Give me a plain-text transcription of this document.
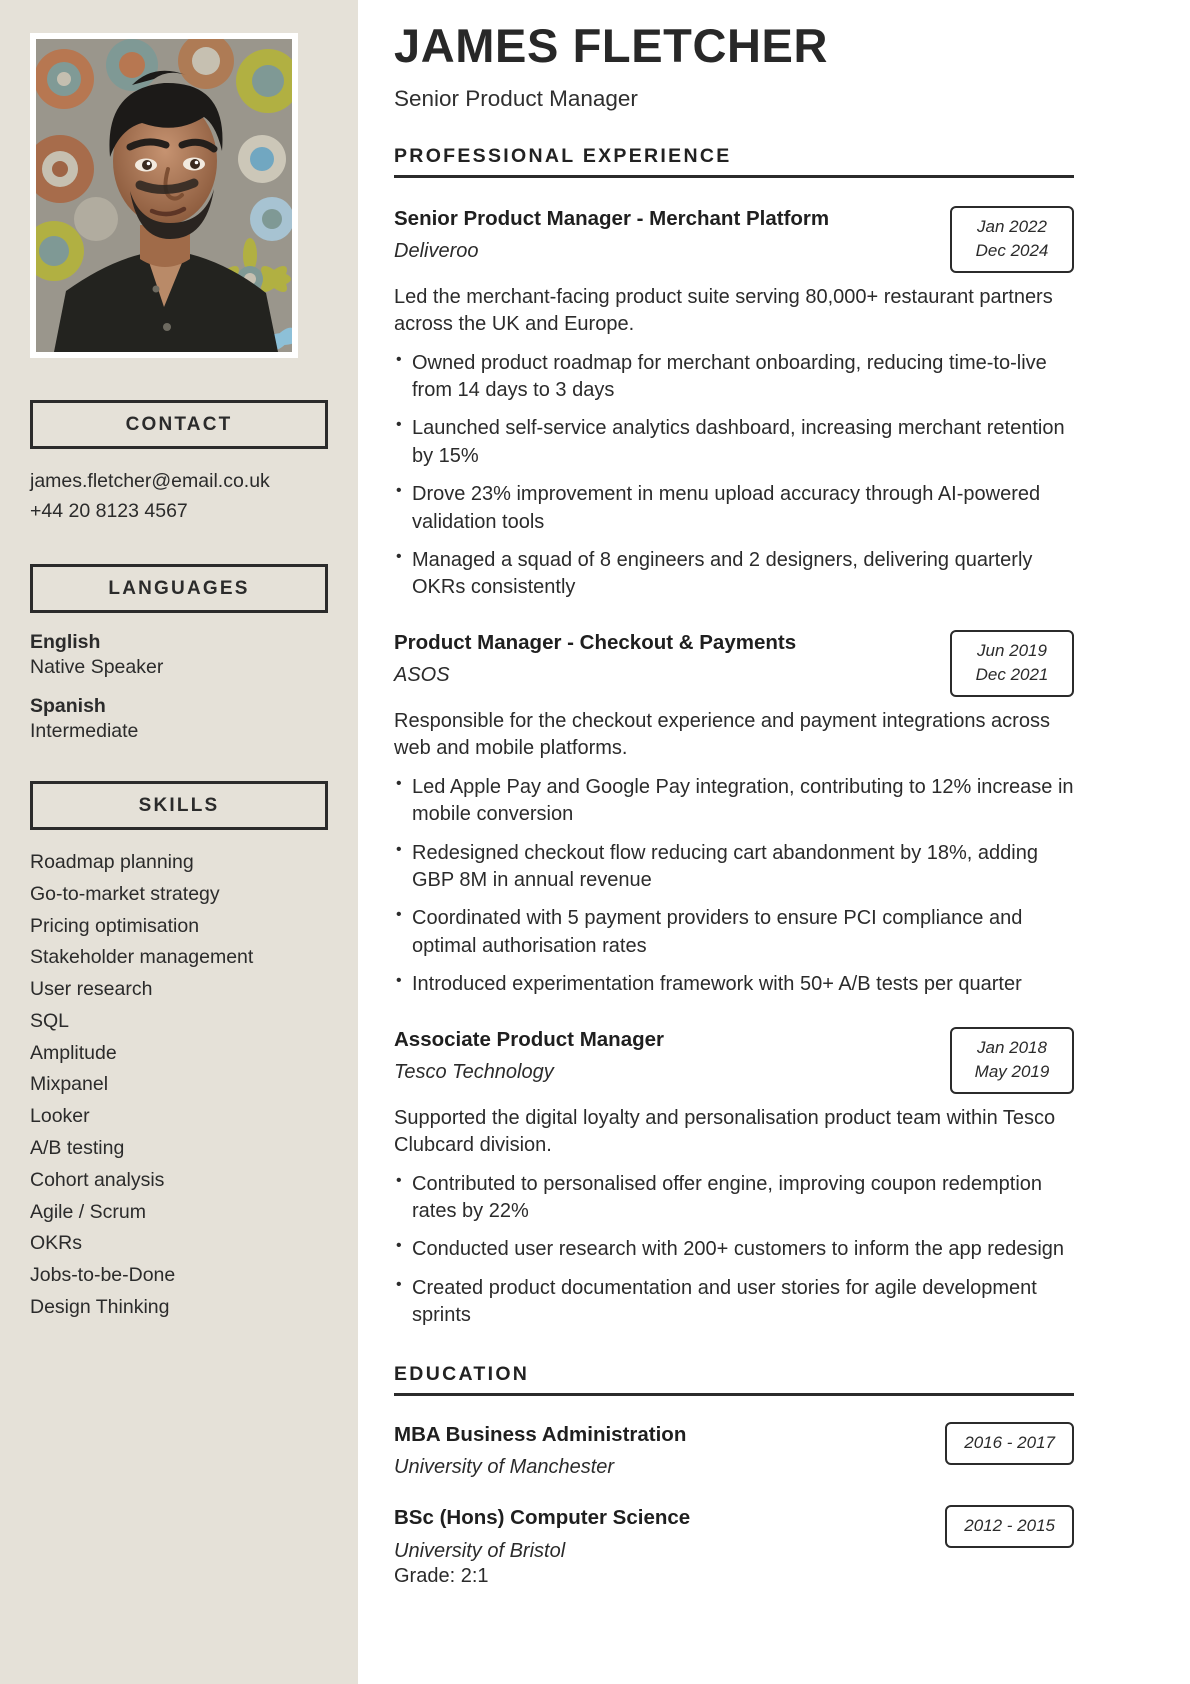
CONTACT
james.fletcher@email.co.uk
+44 20 8123 4567
LANGUAGES
English
Native Speaker
Spanish
Intermediate
SKILLS
Roadmap planning
Go-to-market strategy
Pricing optimisation
Stakeholder management
User research
SQL
Amplitude
Mixpanel
Looker
A/B testing
Cohort analysis
Agile / Scrum
OKRs
Jobs-to-be-Done
Design Thinking
JAMES FLETCHER
Senior Product Manager
PROFESSIONAL EXPERIENCE
Senior Product Manager - Merchant Platform
Deliveroo
Jan 2022
Dec 2024
Led the merchant-facing product suite serving 80,000+ restaurant partners across the UK and Europe.
• Owned product roadmap for merchant onboarding, reducing time-to-live from 14 days to 3 days
• Launched self-service analytics dashboard, increasing merchant retention by 15%
• Drove 23% improvement in menu upload accuracy through AI-powered validation tools
• Managed a squad of 8 engineers and 2 designers, delivering quarterly OKRs consistently
Product Manager - Checkout & Payments
ASOS
Jun 2019
Dec 2021
Responsible for the checkout experience and payment integrations across web and mobile platforms.
• Led Apple Pay and Google Pay integration, contributing to 12% increase in mobile conversion
• Redesigned checkout flow reducing cart abandonment by 18%, adding GBP 8M in annual revenue
• Coordinated with 5 payment providers to ensure PCI compliance and optimal authorisation rates
• Introduced experimentation framework with 50+ A/B tests per quarter
Associate Product Manager
Tesco Technology
Jan 2018
May 2019
Supported the digital loyalty and personalisation product team within Tesco Clubcard division.
• Contributed to personalised offer engine, improving coupon redemption rates by 22%
• Conducted user research with 200+ customers to inform the app redesign
• Created product documentation and user stories for agile development sprints
EDUCATION
MBA Business Administration
University of Manchester
2016 - 2017
BSc (Hons) Computer Science
University of Bristol
Grade: 2:1
2012 - 2015
